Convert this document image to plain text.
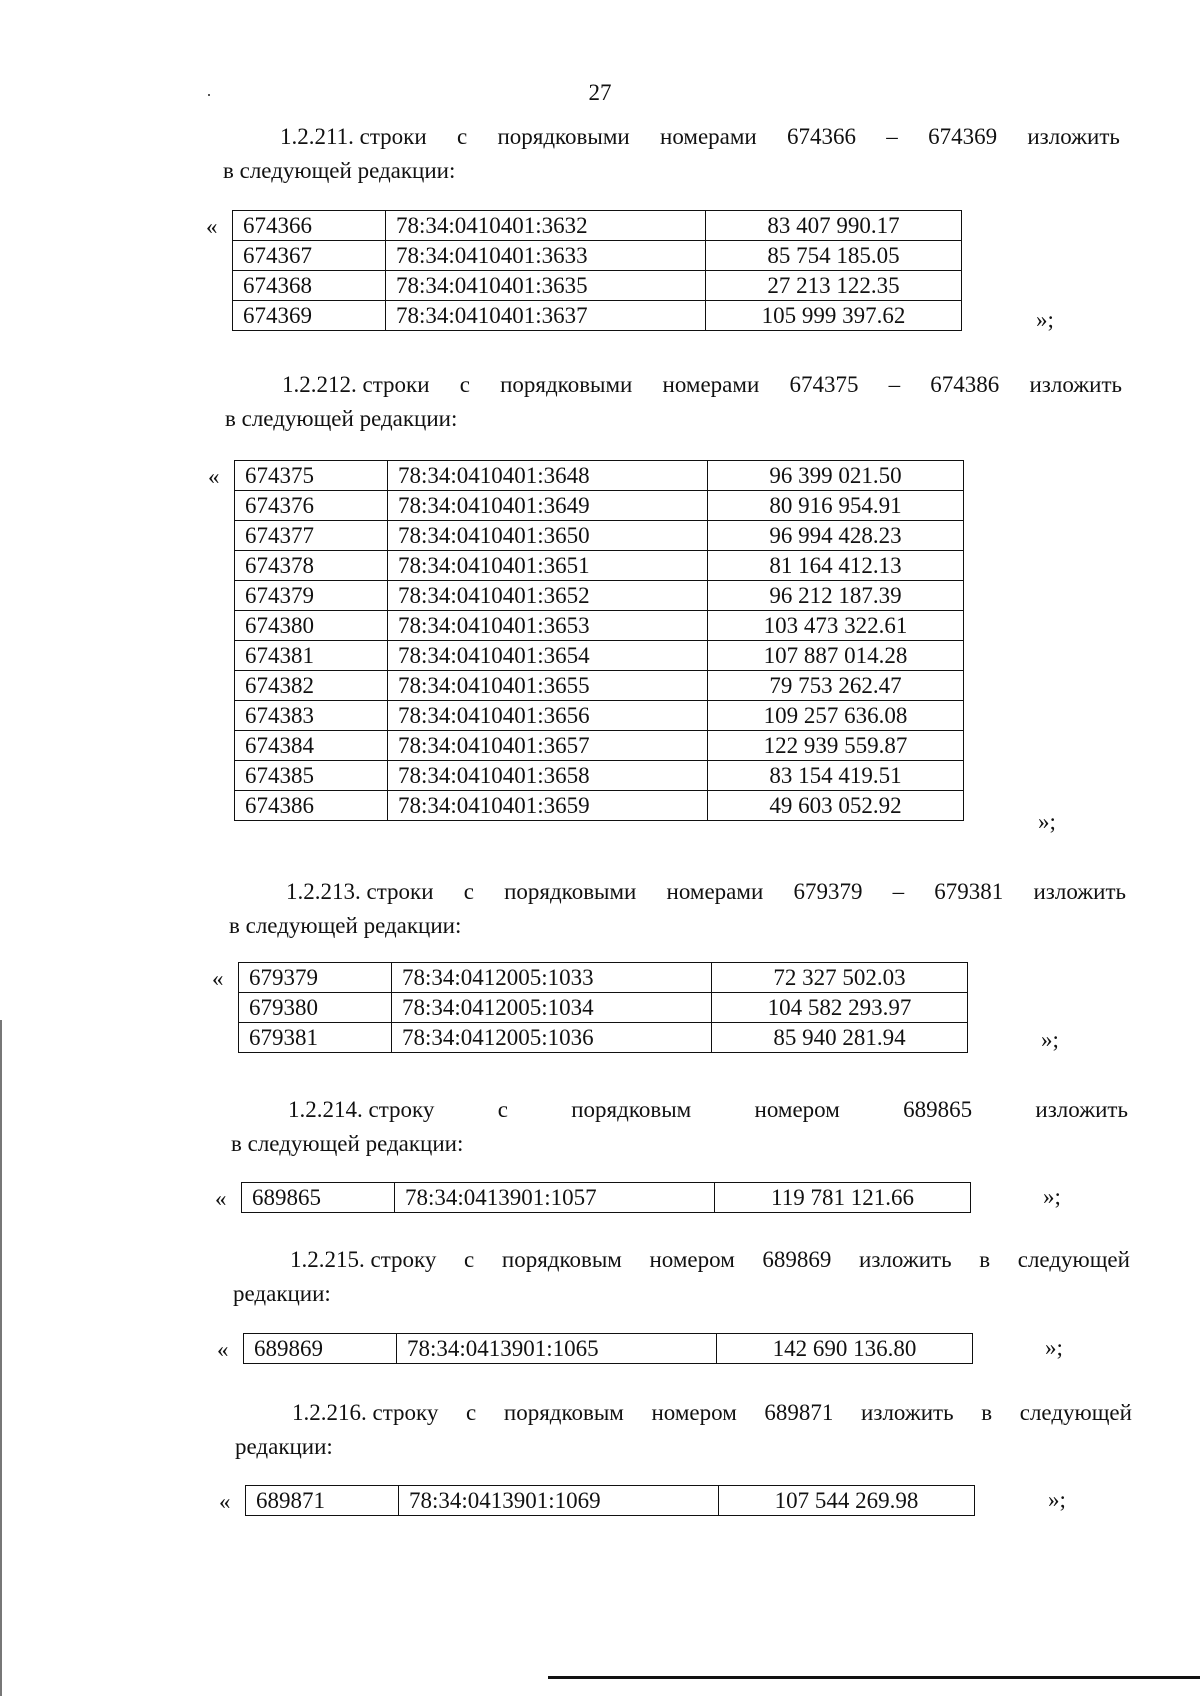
27
1.2.211. строки с порядковыми номерами 674366 – 674369 изложить
в следующей редакции:
« 674366	78:34:0410401:3632	83 407 990.17
674367	78:34:0410401:3633	85 754 185.05
674368	78:34:0410401:3635	27 213 122.35
674369	78:34:0410401:3637	105 999 397.62	»;
1.2.212. строки с порядковыми номерами 674375 – 674386 изложить
в следующей редакции:
« 674375	78:34:0410401:3648	96 399 021.50
674376	78:34:0410401:3649	80 916 954.91
674377	78:34:0410401:3650	96 994 428.23
674378	78:34:0410401:3651	81 164 412.13
674379	78:34:0410401:3652	96 212 187.39
674380	78:34:0410401:3653	103 473 322.61
674381	78:34:0410401:3654	107 887 014.28
674382	78:34:0410401:3655	79 753 262.47
674383	78:34:0410401:3656	109 257 636.08
674384	78:34:0410401:3657	122 939 559.87
674385	78:34:0410401:3658	83 154 419.51
674386	78:34:0410401:3659	49 603 052.92
»;
1.2.213. строки с порядковыми номерами 679379 – 679381 изложить
в следующей редакции:
« 679379	78:34:0412005:1033	72 327 502.03
679380	78:34:0412005:1034	104 582 293.97
679381	78:34:0412005:1036	85 940 281.94	»;
1.2.214. строку	с	порядковым	номером	689865	изложить
в следующей редакции:
« 689865	78:34:0413901:1057	119 781 121.66	»;
1.2.215. строку с порядковым номером 689869 изложить в следующей
редакции:
« 689869	78:34:0413901:1065	142 690 136.80	»;
1.2.216. строку с порядковым номером 689871 изложить в следующей
редакции:
« 689871	78:34:0413901:1069	107 544 269.98	»;
